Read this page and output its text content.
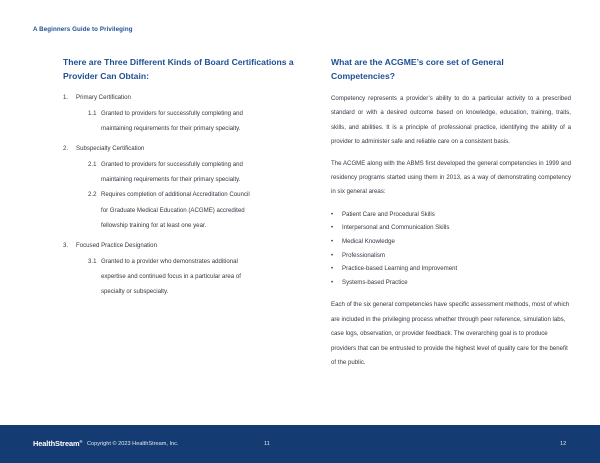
A Beginners Guide to Privileging
There are Three Different Kinds of Board Certifications a Provider Can Obtain:
1. Primary Certification
1.1 Granted to providers for successfully completing and
maintaining requirements for their primary specialty.
2. Subspecialty Certification
2.1 Granted to providers for successfully completing and
maintaining requirements for their primary specialty.
2.2 Requires completion of additional Accreditation Council
for Graduate Medical Education (ACGME) accredited
fellowship training for at least one year.
3. Focused Practice Designation
3.1 Granted to a provider who demonstrates additional
expertise and continued focus in a particular area of
specialty or subspecialty.
What are the ACGME’s core set of General
Competencies?

Competency represents a provider’s ability to do a particular activity to a prescribed standard or with a desired outcome based on knowledge, education, training, traits, skills, and abilities. It is a principle of professional practice, identifying the ability of a provider to administer safe and reliable care on a consistent basis.

The ACGME along with the ABMS first developed the general competencies in 1999 and residency programs started using them in 2013, as a way of demonstrating competency in six general areas:

• Patient Care and Procedural Skills
• Interpersonal and Communication Skills
• Medical Knowledge
• Professionalism
• Practice-based Learning and Improvement
• Systems-based Practice

Each of the six general competencies have specific assessment methods, most of which are included in the privileging process whether through peer reference, simulation labs, case logs, observation, or provider feedback. The overarching goal is to produce providers that can be entrusted to provide the highest level of quality care for the benefit of the public.

HealthStream® Copyright © 2023 HealthStream, Inc.	11	12
